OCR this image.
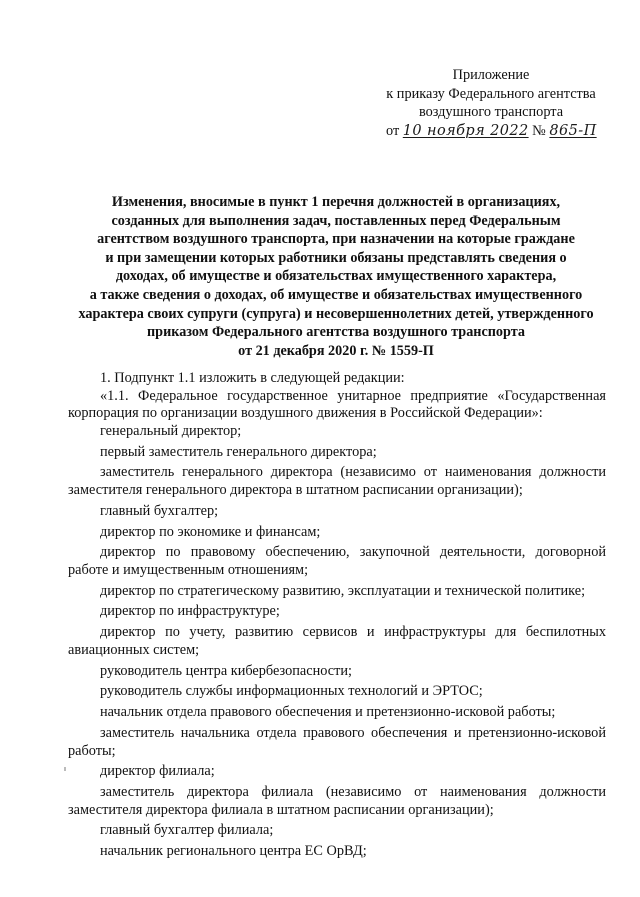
Приложение
к приказу Федерального агентства
воздушного транспорта
от 10 ноября 2022 № 865-П
Изменения, вносимые в пункт 1 перечня должностей в организациях,
созданных для выполнения задач, поставленных перед Федеральным
агентством воздушного транспорта, при назначении на которые граждане
и при замещении которых работники обязаны представлять сведения о
доходах, об имуществе и обязательствах имущественного характера,
а также сведения о доходах, об имуществе и обязательствах имущественного
характера своих супруги (супруга) и несовершеннолетних детей, утвержденного
приказом Федерального агентства воздушного транспорта
от 21 декабря 2020 г. № 1559-П

1. Подпункт 1.1 изложить в следующей редакции:

«1.1. Федеральное государственное унитарное предприятие «Государственная корпорация по организации воздушного движения в Российской Федерации»:

генеральный директор;

первый заместитель генерального директора;

заместитель генерального директора (независимо от наименования должности заместителя генерального директора в штатном расписании организации);

главный бухгалтер;

директор по экономике и финансам;

директор по правовому обеспечению, закупочной деятельности, договорной работе и имущественным отношениям;

директор по стратегическому развитию, эксплуатации и технической политике;

директор по инфраструктуре;

директор по учету, развитию сервисов и инфраструктуры для беспилотных авиационных систем;

руководитель центра кибербезопасности;

руководитель службы информационных технологий и ЭРТОС;

начальник отдела правового обеспечения и претензионно-исковой работы;

заместитель начальника отдела правового обеспечения и претензионно-исковой работы;

директор филиала;

заместитель директора филиала (независимо от наименования должности заместителя директора филиала в штатном расписании организации);

главный бухгалтер филиала;

начальник регионального центра ЕС ОрВД;
